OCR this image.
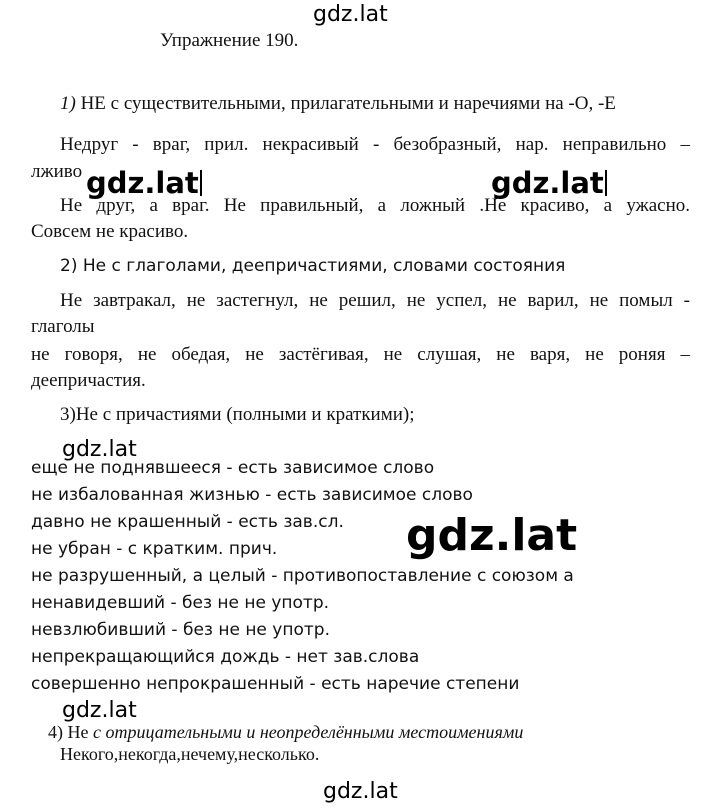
gdz.lat
Упражнение 190.
1) НЕ с существительными, прилагательными и наречиями на -О, -Е
Недруг - враг, прил. некрасивый - безобразный, нар. неправильно –
лживо gdz.lat	gdz.lat
Не друг, а враг. Не правильный, а ложный .Не красиво, а ужасно.
Совсем не красиво.
2) Не с глаголами, деепричастиями, словами состояния
Не завтракал, не застегнул, не решил, не успел, не варил, не помыл -
глаголы
не говоря, не обедая, не застёгивая, не слушая, не варя, не роняя –
деепричастия.
3)Не с причастиями (полными и краткими);
gdz.lat
еще не поднявшееся - есть зависимое слово
не избалованная жизнью - есть зависимое слово
давно не крашенный - есть зав.сл.
не убран - с кратким. прич.
не разрушенный, а целый - противопоставление с союзом а
ненавидевший - без не не употр.
невзлюбивший - без не не употр.
непрекращающийся дождь - нет зав.слова
совершенно непрокрашенный - есть наречие степени
gdz.lat
gdz.lat
4) Не с отрицательными и неопределёнными местоимениями
Некого,некогда,нечему,несколько.
gdz.lat
